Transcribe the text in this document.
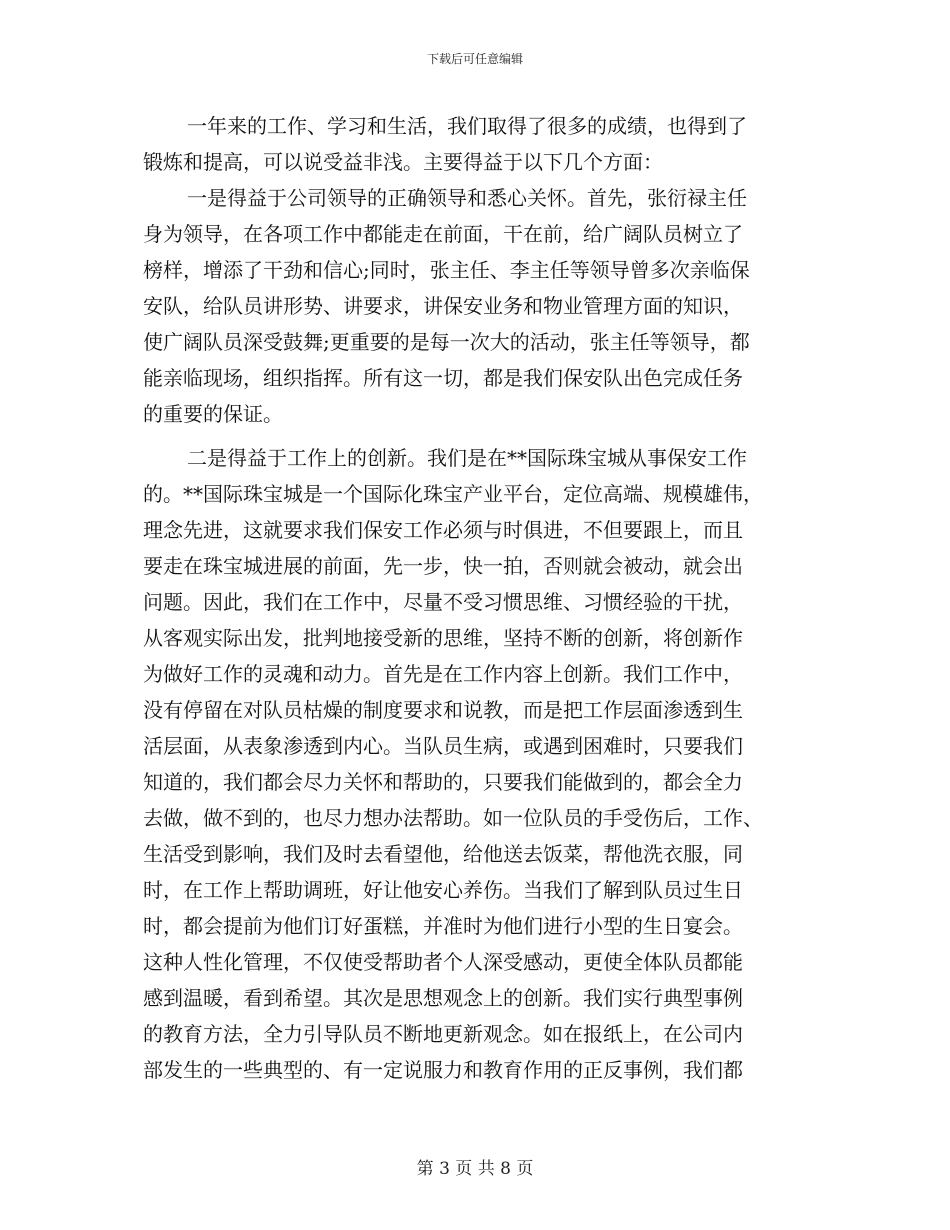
下载后可任意编辑

一年来的工作、学习和生活，我们取得了很多的成绩，也得到了
锻炼和提高，可以说受益非浅。主要得益于以下几个方面：

一是得益于公司领导的正确领导和悉心关怀。首先，张衍禄主任
身为领导，在各项工作中都能走在前面，干在前，给广阔队员树立了
榜样，增添了干劲和信心;同时，张主任、李主任等领导曾多次亲临保
安队，给队员讲形势、讲要求，讲保安业务和物业管理方面的知识，
使广阔队员深受鼓舞;更重要的是每一次大的活动，张主任等领导，都
能亲临现场，组织指挥。所有这一切，都是我们保安队出色完成任务
的重要的保证。

二是得益于工作上的创新。我们是在**国际珠宝城从事保安工作
的。**国际珠宝城是一个国际化珠宝产业平台，定位高端、规模雄伟，
理念先进，这就要求我们保安工作必须与时俱进，不但要跟上，而且
要走在珠宝城进展的前面，先一步，快一拍，否则就会被动，就会出
问题。因此，我们在工作中，尽量不受习惯思维、习惯经验的干扰，
从客观实际出发，批判地接受新的思维，坚持不断的创新，将创新作
为做好工作的灵魂和动力。首先是在工作内容上创新。我们工作中，
没有停留在对队员枯燥的制度要求和说教，而是把工作层面渗透到生
活层面，从表象渗透到内心。当队员生病，或遇到困难时，只要我们
知道的，我们都会尽力关怀和帮助的，只要我们能做到的，都会全力
去做，做不到的，也尽力想办法帮助。如一位队员的手受伤后，工作、
生活受到影响，我们及时去看望他，给他送去饭菜，帮他洗衣服，同
时，在工作上帮助调班，好让他安心养伤。当我们了解到队员过生日
时，都会提前为他们订好蛋糕，并准时为他们进行小型的生日宴会。
这种人性化管理，不仅使受帮助者个人深受感动，更使全体队员都能
感到温暖，看到希望。其次是思想观念上的创新。我们实行典型事例
的教育方法，全力引导队员不断地更新观念。如在报纸上，在公司内
部发生的一些典型的、有一定说服力和教育作用的正反事例，我们都

第 3 页 共 8 页
